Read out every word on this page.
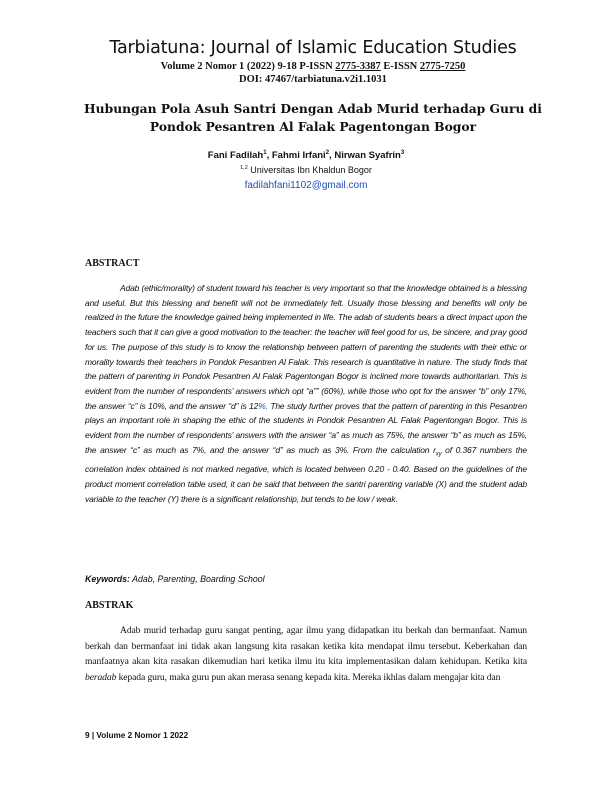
Tarbiatuna: Journal of Islamic Education Studies
Volume 2 Nomor 1 (2022) 9-18 P-ISSN 2775-3387 E-ISSN 2775-7250
DOI: 47467/tarbiatuna.v2i1.1031
Hubungan Pola Asuh Santri Dengan Adab Murid terhadap Guru di Pondok Pesantren Al Falak Pagentongan Bogor
Fani Fadilah$^1$, Fahmi Irfani$^2$, Nirwan Syafrin$^3$
$^{1,2}$ Universitas Ibn Khaldun Bogor
fadilahfani1102@gmail.com
ABSTRACT
Adab (ethic/morality) of student toward his teacher is very important so that the knowledge obtained is a blessing and useful. But this blessing and benefit will not be immediately felt. Usually those blessing and benefits will only be realized in the future the knowledge gained being implemented in life. The adab of students bears a direct impact upon the teachers such that it can give a good motivation to the teacher: the teacher will feel good for us, be sincere, and pray good for us. The purpose of this study is to know the relationship between pattern of parenting the students with their ethic or morality towards their teachers in Pondok Pesantren Al Falak. This research is quantitative in nature. The study finds that the pattern of parenting in Pondok Pesantren Al Falak Pagentongan Bogor is inclined more towards authoritarian. This is evident from the number of respondents’ answers which opt “a”” (60%), while those who opt for the answer “b” only 17%, the answer “c” is 10%, and the answer “d” is 12%. The study further proves that the pattern of parenting in this Pesantren plays an important role in shaping the ethic of the students in Pondok Pesantren AL Falak Pagentongan Bogor. This is evident from the number of respondents’ answers with the answer “a” as much as 75%, the answer “b” as much as 15%, the answer “c” as much as 7%, and the answer “d” as much as 3%. From the calculation $r_{xy}$ of 0.367 numbers the correlation index obtained is not marked negative, which is located between 0.20 - 0.40. Based on the guidelines of the product moment correlation table used, it can be said that between the santri parenting variable (X) and the student adab variable to the teacher (Y) there is a significant relationship, but tends to be low / weak.
Keywords: Adab, Parenting, Boarding School
ABSTRAK
Adab murid terhadap guru sangat penting, agar ilmu yang didapatkan itu berkah dan bermanfaat. Namun berkah dan bermanfaat ini tidak akan langsung kita rasakan ketika kita mendapat ilmu tersebut. Keberkahan dan manfaatnya akan kita rasakan dikemudian hari ketika ilmu itu kita implementasikan dalam kehidupan. Ketika kita beradab kepada guru, maka guru pun akan merasa senang kepada kita. Mereka ikhlas dalam mengajar kita dan
9 | Volume 2 Nomor 1 2022
